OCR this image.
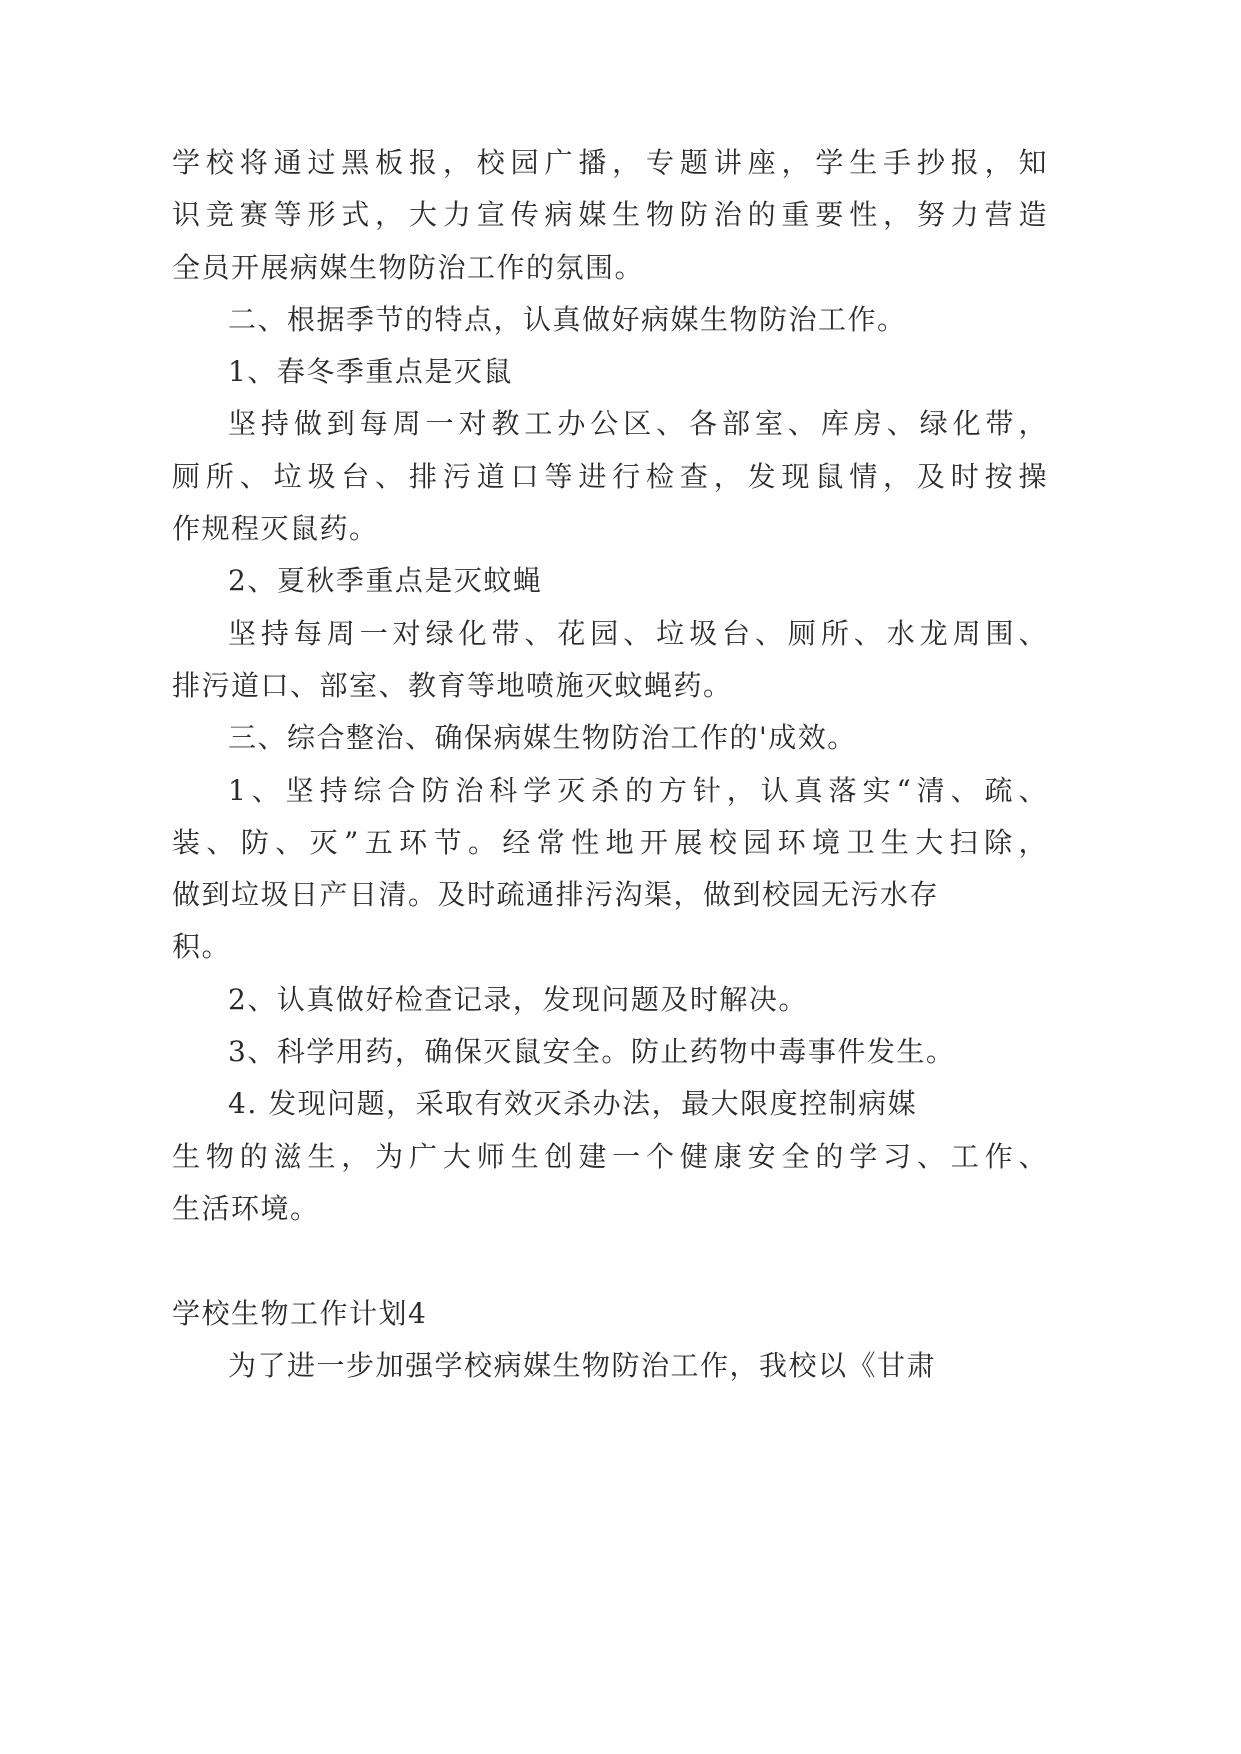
学校将通过黑板报，校园广播，专题讲座，学生手抄报，知
识竞赛等形式，大力宣传病媒生物防治的重要性，努力营造
全员开展病媒生物防治工作的氛围。
二、根据季节的特点，认真做好病媒生物防治工作。
1、春冬季重点是灭鼠
坚持做到每周一对教工办公区、各部室、库房、绿化带，
厕所、垃圾台、排污道口等进行检查，发现鼠情，及时按操
作规程灭鼠药。
2、夏秋季重点是灭蚊蝇
坚持每周一对绿化带、花园、垃圾台、厕所、水龙周围、
排污道口、部室、教育等地喷施灭蚊蝇药。
三、综合整治、确保病媒生物防治工作的'成效。
1、坚持综合防治科学灭杀的方针，认真落实“清、疏、
装、防、灭”五环节。经常性地开展校园环境卫生大扫除，
做到垃圾日产日清。及时疏通排污沟渠，做到校园无污水存
积。
2、认真做好检查记录，发现问题及时解决。
3、科学用药，确保灭鼠安全。防止药物中毒事件发生。
4. 发现问题，采取有效灭杀办法，最大限度控制病媒
生物的滋生，为广大师生创建一个健康安全的学习、工作、
生活环境。
学校生物工作计划4
为了进一步加强学校病媒生物防治工作，我校以《甘肃
